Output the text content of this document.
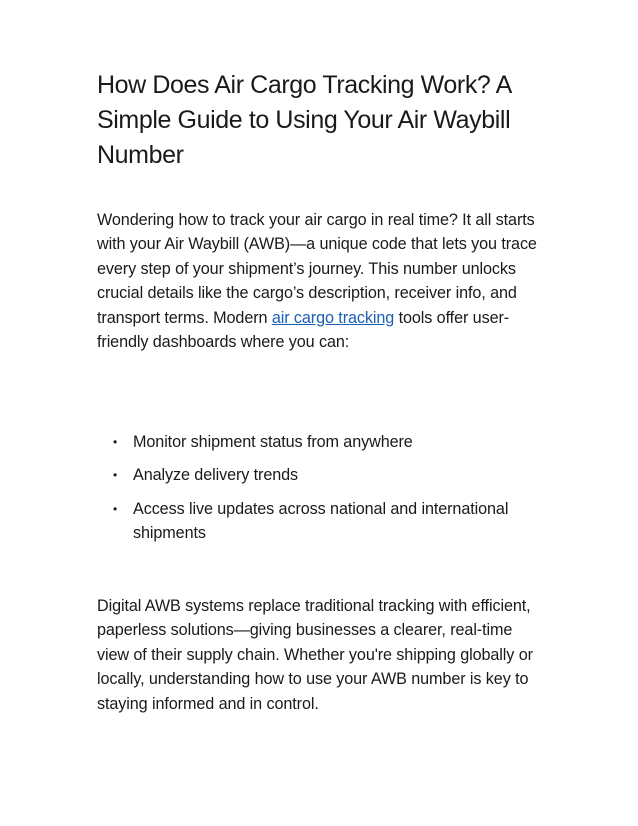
How Does Air Cargo Tracking Work? A Simple Guide to Using Your Air Waybill Number

Wondering how to track your air cargo in real time? It all starts with your Air Waybill (AWB)—a unique code that lets you trace every step of your shipment’s journey. This number unlocks crucial details like the cargo’s description, receiver info, and transport terms. Modern air cargo tracking tools offer user-friendly dashboards where you can:

• Monitor shipment status from anywhere
• Analyze delivery trends
• Access live updates across national and international shipments

Digital AWB systems replace traditional tracking with efficient, paperless solutions—giving businesses a clearer, real-time view of their supply chain. Whether you're shipping globally or locally, understanding how to use your AWB number is key to staying informed and in control.
